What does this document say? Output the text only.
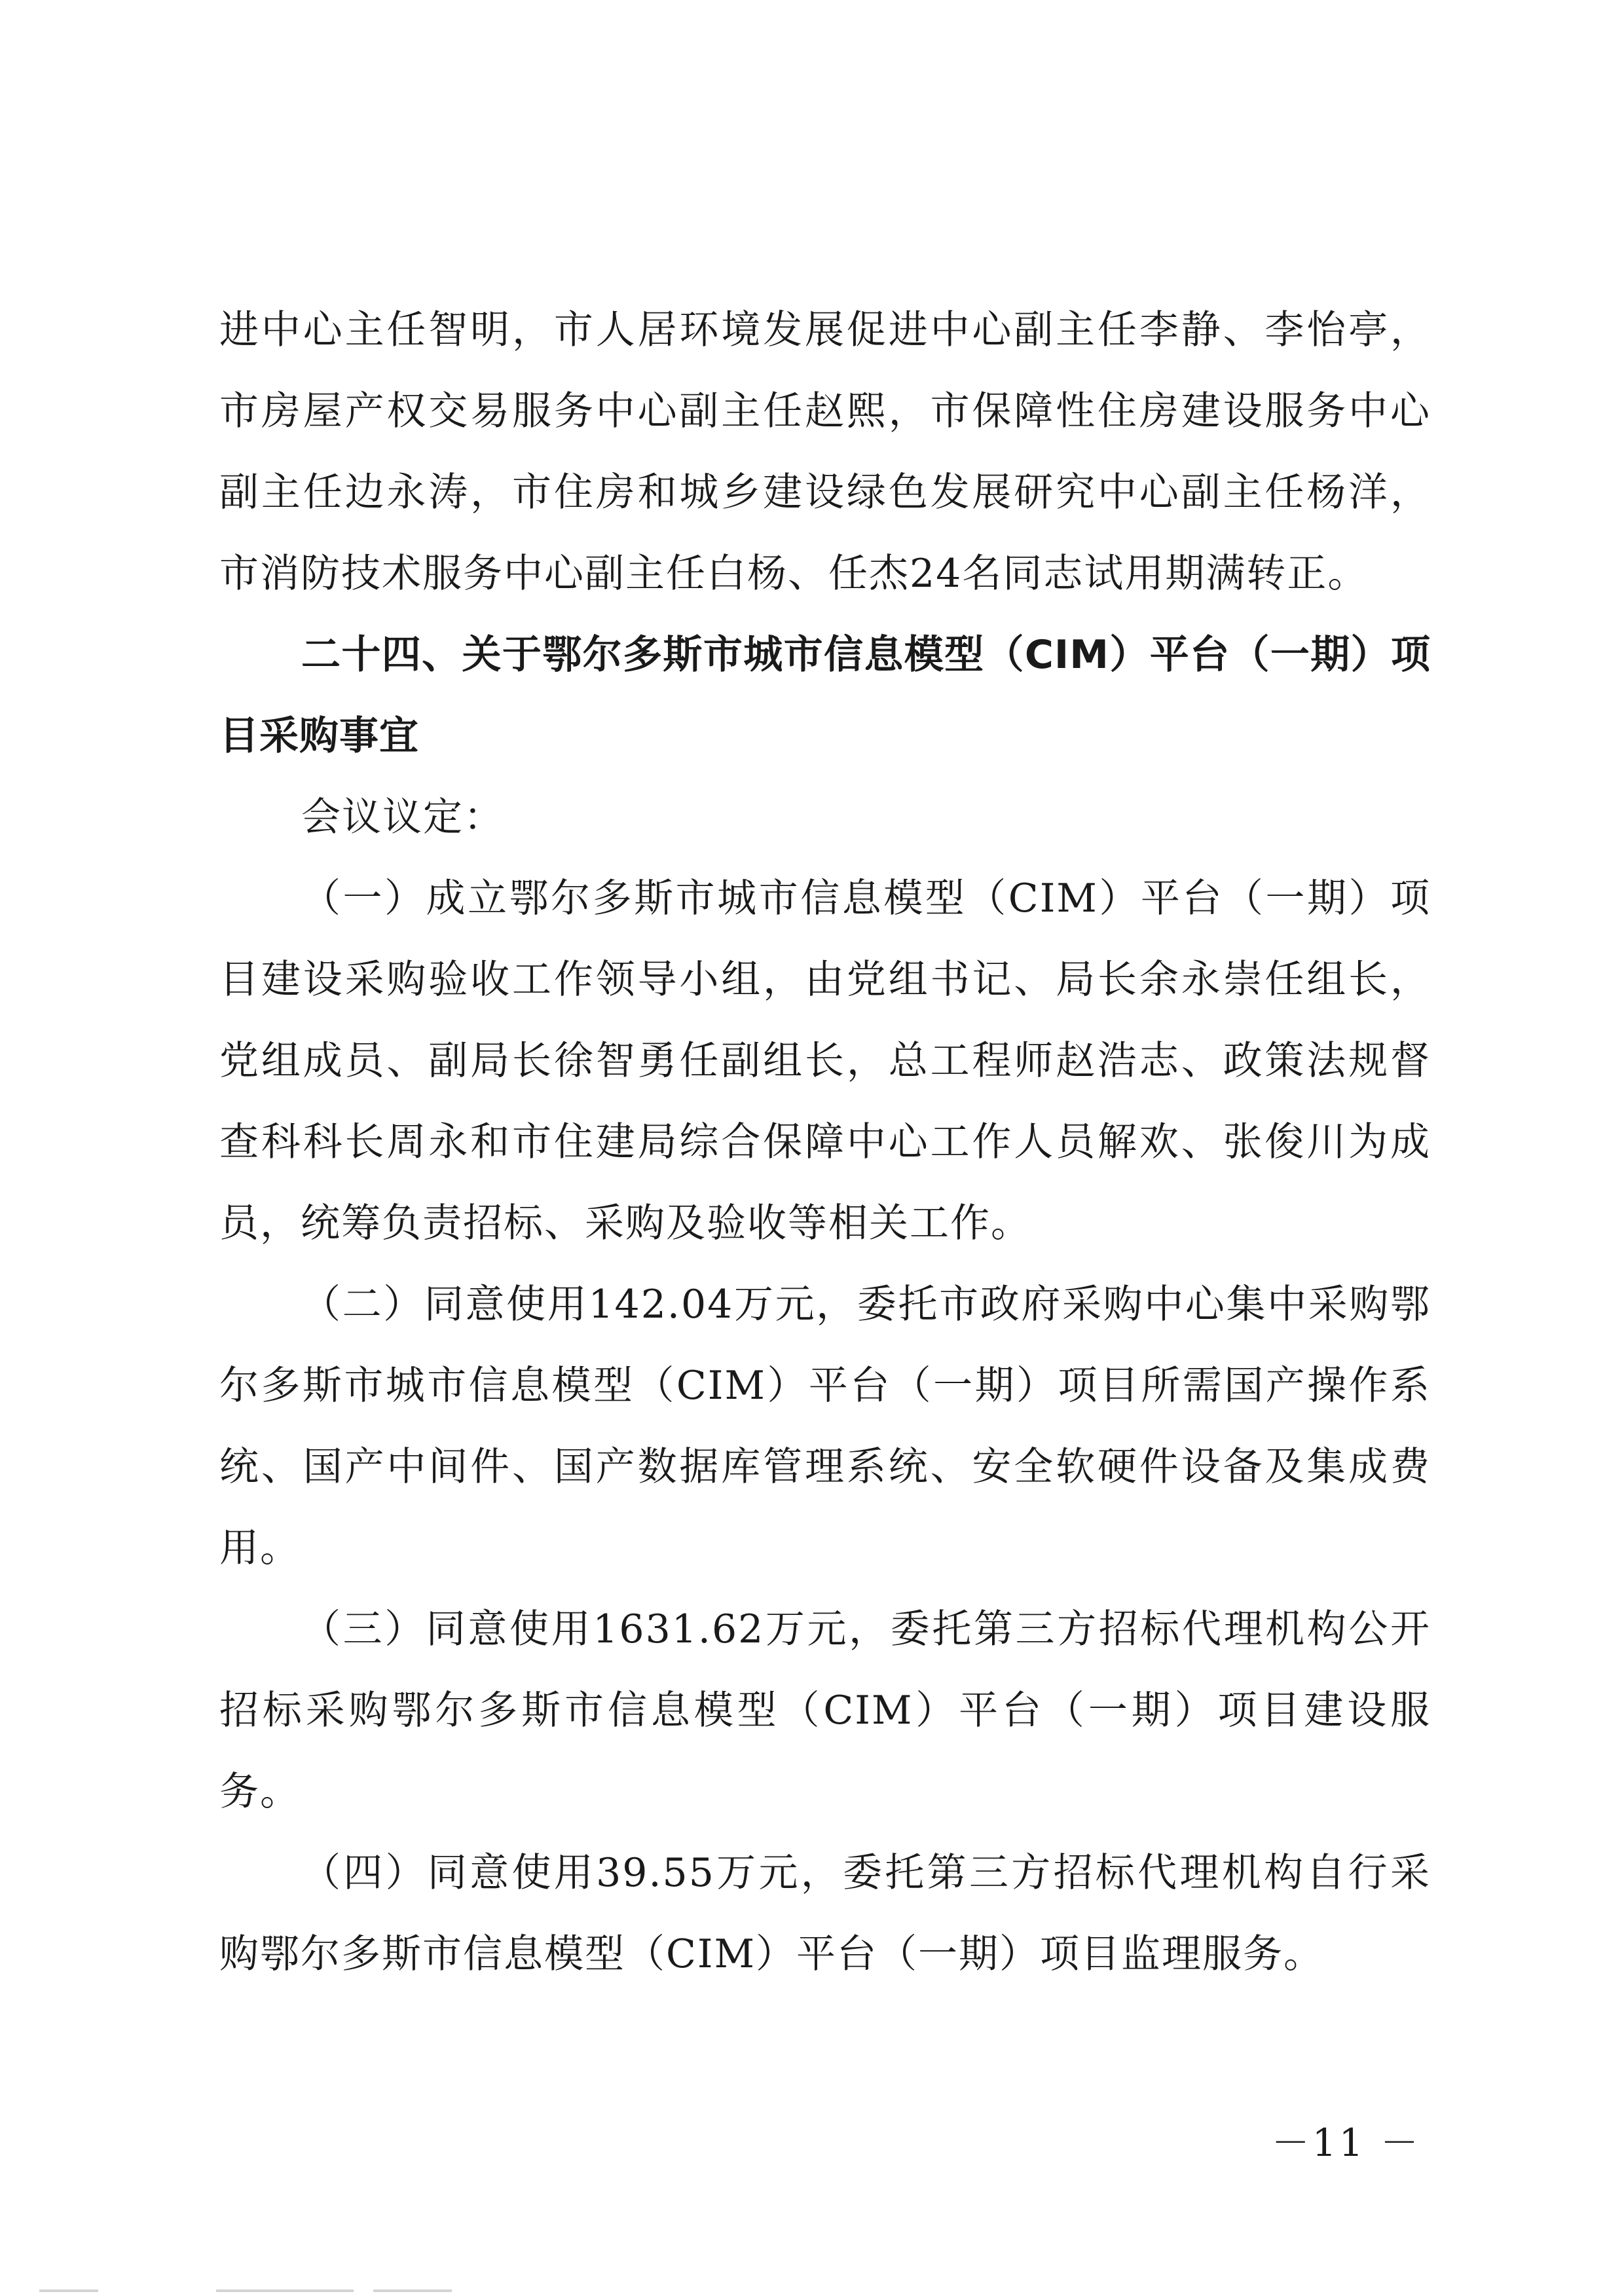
进中心主任智明，市人居环境发展促进中心副主任李静、李怡亭，市房屋产权交易服务中心副主任赵熙，市保障性住房建设服务中心副主任边永涛，市住房和城乡建设绿色发展研究中心副主任杨洋，市消防技术服务中心副主任白杨、任杰24名同志试用期满转正。

二十四、关于鄂尔多斯市城市信息模型（CIM）平台（一期）项目采购事宜

会议议定：

（一）成立鄂尔多斯市城市信息模型（CIM）平台（一期）项目建设采购验收工作领导小组，由党组书记、局长余永崇任组长，党组成员、副局长徐智勇任副组长，总工程师赵浩志、政策法规督查科科长周永和市住建局综合保障中心工作人员解欢、张俊川为成员，统筹负责招标、采购及验收等相关工作。

（二）同意使用142.04万元，委托市政府采购中心集中采购鄂尔多斯市城市信息模型（CIM）平台（一期）项目所需国产操作系统、国产中间件、国产数据库管理系统、安全软硬件设备及集成费用。

（三）同意使用1631.62万元，委托第三方招标代理机构公开招标采购鄂尔多斯市信息模型（CIM）平台（一期）项目建设服务。

（四）同意使用39.55万元，委托第三方招标代理机构自行采购鄂尔多斯市信息模型（CIM）平台（一期）项目监理服务。

－11 －
